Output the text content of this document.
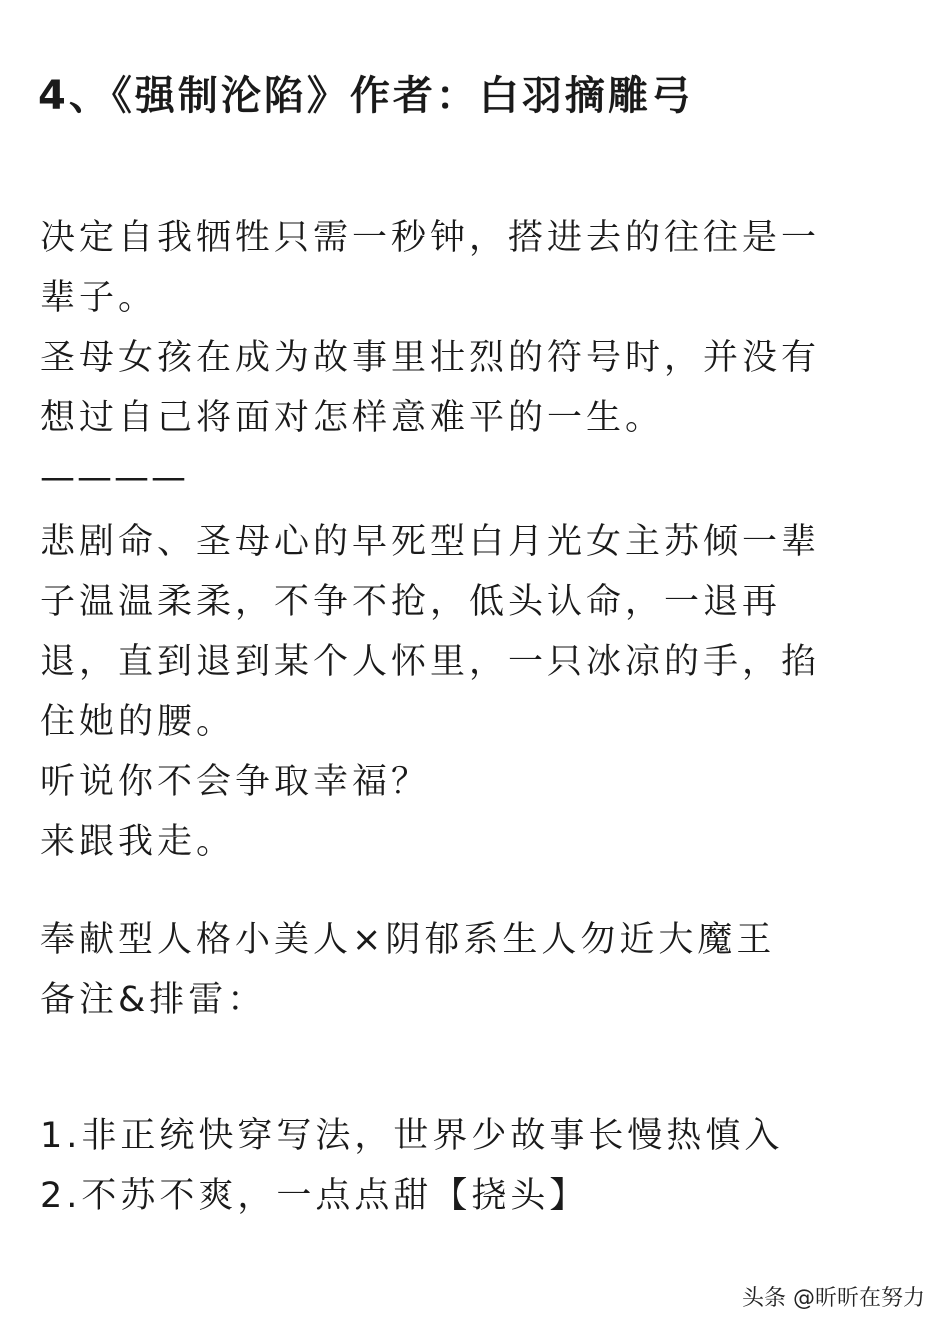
4、《强制沦陷》作者：白羽摘雕弓
决定自我牺牲只需一秒钟，搭进去的往往是一
辈子。
圣母女孩在成为故事里壮烈的符号时，并没有
想过自己将面对怎样意难平的一生。
————
悲剧命、圣母心的早死型白月光女主苏倾一辈
子温温柔柔，不争不抢，低头认命，一退再
退，直到退到某个人怀里，一只冰凉的手，掐
住她的腰。
听说你不会争取幸福？
来跟我走。
奉献型人格小美人×阴郁系生人勿近大魔王
备注&排雷：
1.非正统快穿写法，世界少故事长慢热慎入
2.不苏不爽，一点点甜【挠头】
头条 @昕昕在努力
